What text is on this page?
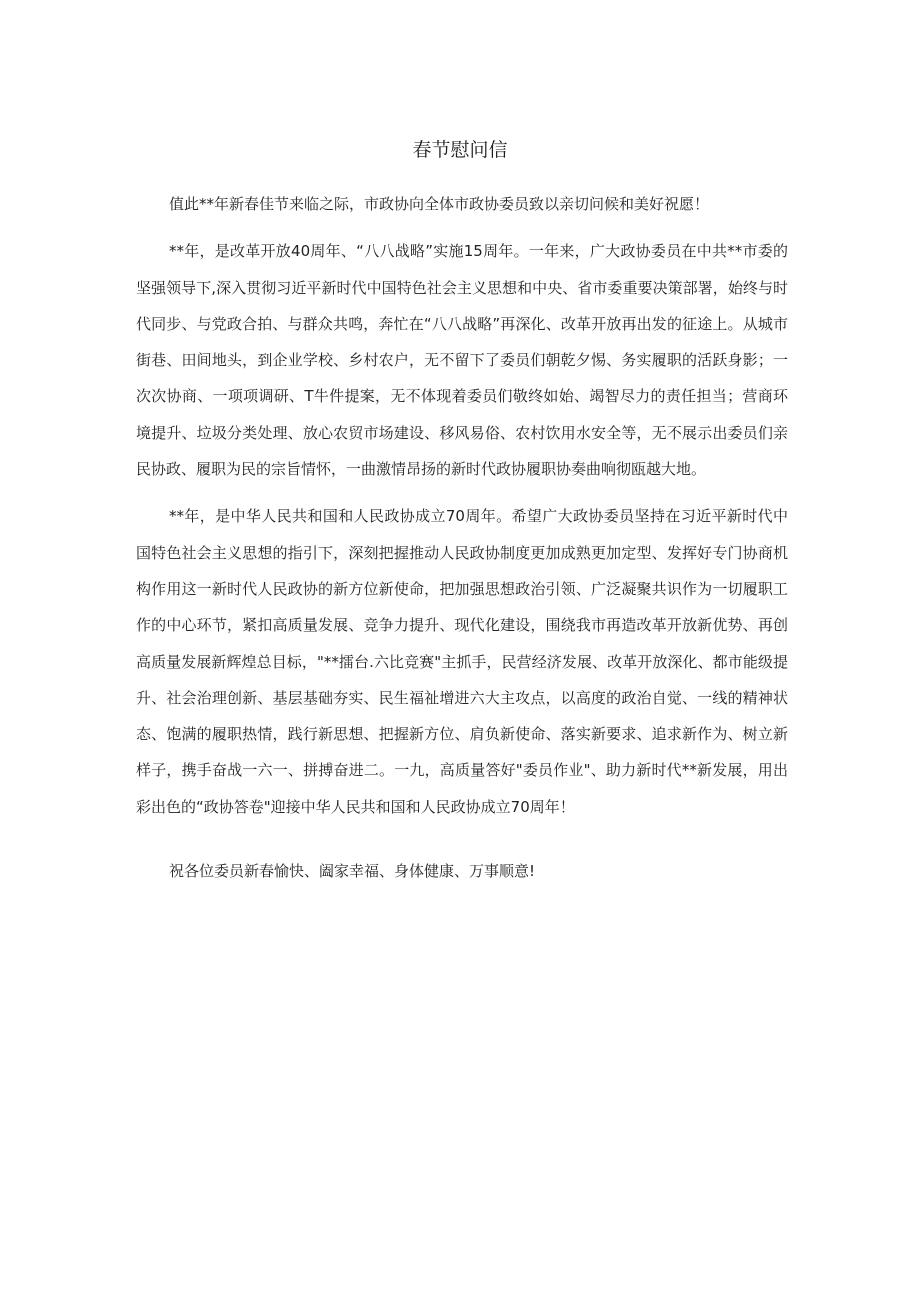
春节慰问信

值此**年新春佳节来临之际，市政协向全体市政协委员致以亲切问候和美好祝愿！

**年，是改革开放40周年、“八八战略”实施15周年。一年来，广大政协委员在中共**市委的坚强领导下,深入贯彻习近平新时代中国特色社会主义思想和中央、省市委重要决策部署，始终与时代同步、与党政合拍、与群众共鸣，奔忙在“八八战略”再深化、改革开放再出发的征途上。从城市街巷、田间地头，到企业学校、乡村农户，无不留下了委员们朝乾夕惕、务实履职的活跃身影；一次次协商、一项项调研、T牛件提案，无不体现着委员们敬终如始、竭智尽力的责任担当；营商环境提升、垃圾分类处理、放心农贸市场建设、移风易俗、农村饮用水安全等，无不展示出委员们亲民协政、履职为民的宗旨情怀，一曲激情昂扬的新时代政协履职协奏曲响彻瓯越大地。

**年，是中华人民共和国和人民政协成立70周年。希望广大政协委员坚持在习近平新时代中国特色社会主义思想的指引下，深刻把握推动人民政协制度更加成熟更加定型、发挥好专门协商机构作用这一新时代人民政协的新方位新使命，把加强思想政治引领、广泛凝聚共识作为一切履职工作的中心环节，紧扣高质量发展、竞争力提升、现代化建设，围绕我市再造改革开放新优势、再创高质量发展新辉煌总目标，"**擂台.六比竞赛"主抓手，民营经济发展、改革开放深化、都市能级提升、社会治理创新、基层基础夯实、民生福祉增进六大主攻点，以高度的政治自觉、一线的精神状态、饱满的履职热情，践行新思想、把握新方位、肩负新使命、落实新要求、追求新作为、树立新样子，携手奋战一六一、拼搏奋进二。一九，高质量答好"委员作业"、助力新时代**新发展，用出彩出色的“政协答卷"迎接中华人民共和国和人民政协成立70周年！

祝各位委员新春愉快、阖家幸福、身体健康、万事顺意!
